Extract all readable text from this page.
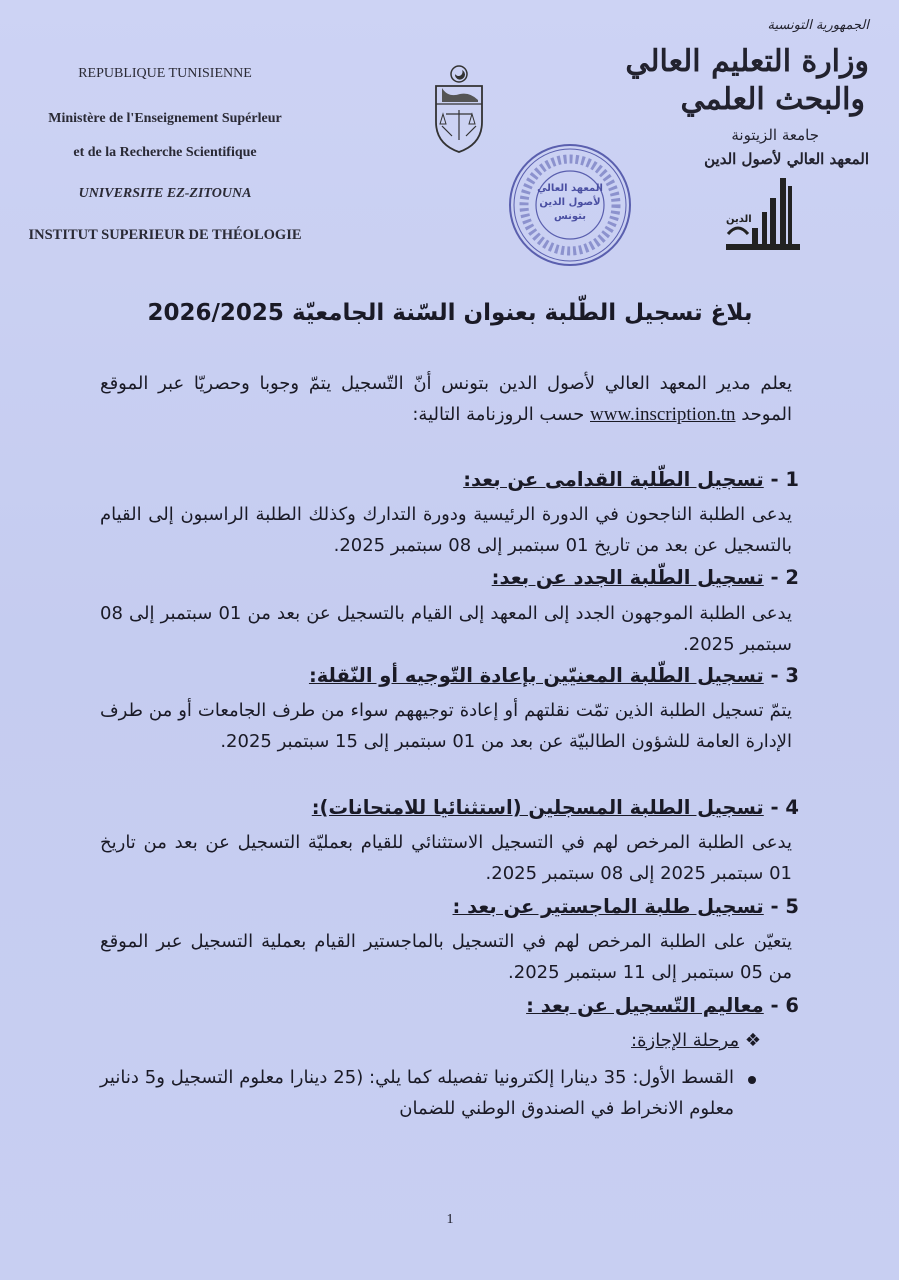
REPUBLIQUE TUNISIENNE
Ministère de l'Enseignement Supérleur
et de la Recherche Scientifique
UNIVERSITE EZ-ZITOUNA
INSTITUT SUPERIEUR DE THÉOLOGIE
الجمهورية التونسية
وزارة التعليم العالي
والبحث العلمي
جامعة الزيتونة
المعهد العالي لأصول الدين
المعهد العالي
لأصول الدين
بتونس	الدين
بلاغ تسجيل الطّلبة بعنوان السّنة الجامعيّة 2026/2025
يعلم مدير المعهد العالي لأصول الدين بتونس أنّ التّسجيل يتمّ وجوبا وحصريّا عبر الموقع الموحد www.inscription.tn حسب الروزنامة التالية:
1 - تسجيل الطّلبة القدامى عن بعد:
يدعى الطلبة الناجحون في الدورة الرئيسية ودورة التدارك وكذلك الطلبة الراسبون إلى القيام بالتسجيل عن بعد من تاريخ 01 سبتمبر إلى 08 سبتمبر 2025.
2 - تسجيل الطّلبة الجدد عن بعد:
يدعى الطلبة الموجهون الجدد إلى المعهد إلى القيام بالتسجيل عن بعد من 01 سبتمبر إلى 08 سبتمبر 2025.
3 - تسجيل الطّلبة المعنيّين بإعادة التّوجيه أو النّقلة:
يتمّ تسجيل الطلبة الذين تمّت نقلتهم أو إعادة توجيههم سواء من طرف الجامعات أو من طرف الإدارة العامة للشؤون الطالبيّة عن بعد من 01 سبتمبر إلى 15 سبتمبر 2025.
4 - تسجيل الطلبة المسجلين (استثنائيا للامتحانات):
يدعى الطلبة المرخص لهم في التسجيل الاستثنائي للقيام بعمليّة التسجيل عن بعد من تاريخ 01 سبتمبر 2025 إلى 08 سبتمبر 2025.
5 - تسجيل طلبة الماجستير عن بعد :
يتعيّن على الطلبة المرخص لهم في التسجيل بالماجستير القيام بعملية التسجيل عبر الموقع من 05 سبتمبر إلى 11 سبتمبر 2025.
6 - معاليم التّسجيل عن بعد :
❖ مرحلة الإجازة:
القسط الأول: 35 دينارا إلكترونيا تفصيله كما يلي: (25 دينارا معلوم التسجيل و5 دنانير معلوم الانخراط في الصندوق الوطني للضمان
1
